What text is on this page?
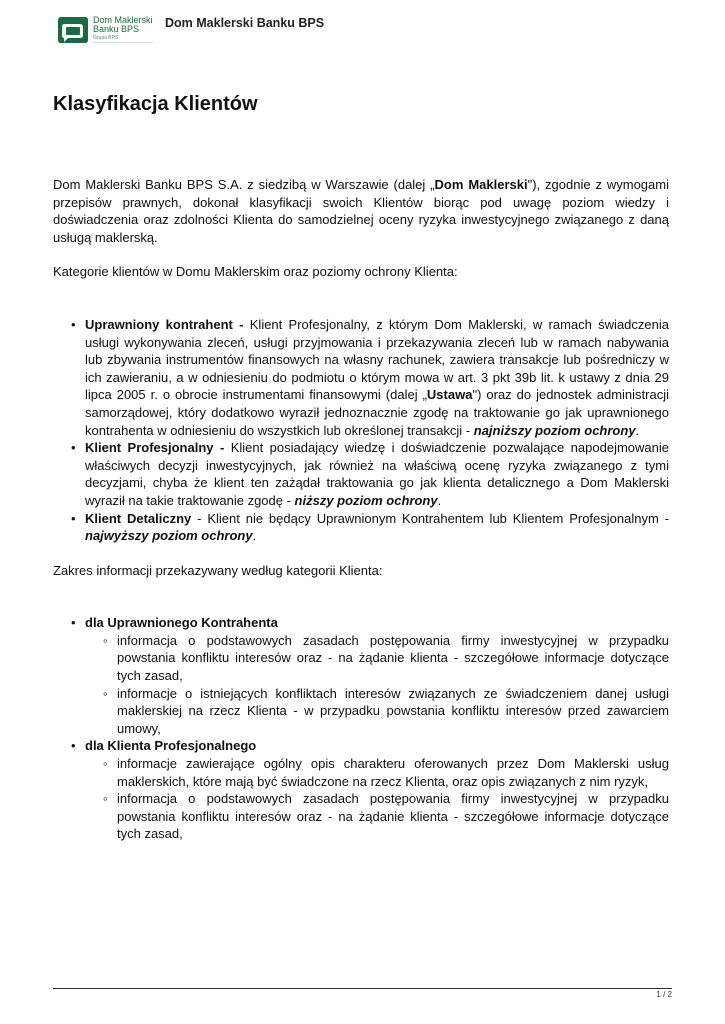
Dom Maklerski
Banku BPS
Grupa BPS
Dom Maklerski Banku BPS
Klasyfikacja Klientów

Dom Maklerski Banku BPS S.A. z siedzibą w Warszawie (dalej „Dom Maklerski"), zgodnie z wymogami przepisów prawnych, dokonał klasyfikacji swoich Klientów biorąc pod uwagę poziom wiedzy i doświadczenia oraz zdolności Klienta do samodzielnej oceny ryzyka inwestycyjnego związanego z daną usługą maklerską.

Kategorie klientów w Domu Maklerskim oraz poziomy ochrony Klienta:

• Uprawniony kontrahent - Klient Profesjonalny, z którym Dom Maklerski, w ramach świadczenia usługi wykonywania zleceń, usługi przyjmowania i przekazywania zleceń lub w ramach nabywania lub zbywania instrumentów finansowych na własny rachunek, zawiera transakcje lub pośredniczy w ich zawieraniu, a w odniesieniu do podmiotu o którym mowa w art. 3 pkt 39b lit. k ustawy z dnia 29 lipca 2005 r. o obrocie instrumentami finansowymi (dalej „Ustawa") oraz do jednostek administracji samorządowej, który dodatkowo wyraził jednoznacznie zgodę na traktowanie go jak uprawnionego kontrahenta w odniesieniu do wszystkich lub określonej transakcji - najniższy poziom ochrony.
• Klient Profesjonalny - Klient posiadający wiedzę i doświadczenie pozwalające napodejmowanie właściwych decyzji inwestycyjnych, jak również na właściwą ocenę ryzyka związanego z tymi decyzjami, chyba że klient ten zażądał traktowania go jak klienta detalicznego a Dom Maklerski wyraził na takie traktowanie zgodę - niższy poziom ochrony.
• Klient Detaliczny - Klient nie będący Uprawnionym Kontrahentem lub Klientem Profesjonalnym -najwyższy poziom ochrony.

Zakres informacji przekazywany według kategorii Klienta:

• dla Uprawnionego Kontrahenta
◦ informacja o podstawowych zasadach postępowania firmy inwestycyjnej w przypadku powstania konfliktu interesów oraz - na żądanie klienta - szczegółowe informacje dotyczące tych zasad,
◦ informacje o istniejących konfliktach interesów związanych ze świadczeniem danej usługi maklerskiej na rzecz Klienta - w przypadku powstania konfliktu interesów przed zawarciem umowy,
• dla Klienta Profesjonalnego
◦ informacje zawierające ogólny opis charakteru oferowanych przez Dom Maklerski usług maklerskich, które mają być świadczone na rzecz Klienta, oraz opis związanych z nim ryzyk,
◦ informacja o podstawowych zasadach postępowania firmy inwestycyjnej w przypadku powstania konfliktu interesów oraz - na żądanie klienta - szczegółowe informacje dotyczące tych zasad,
1 / 2
